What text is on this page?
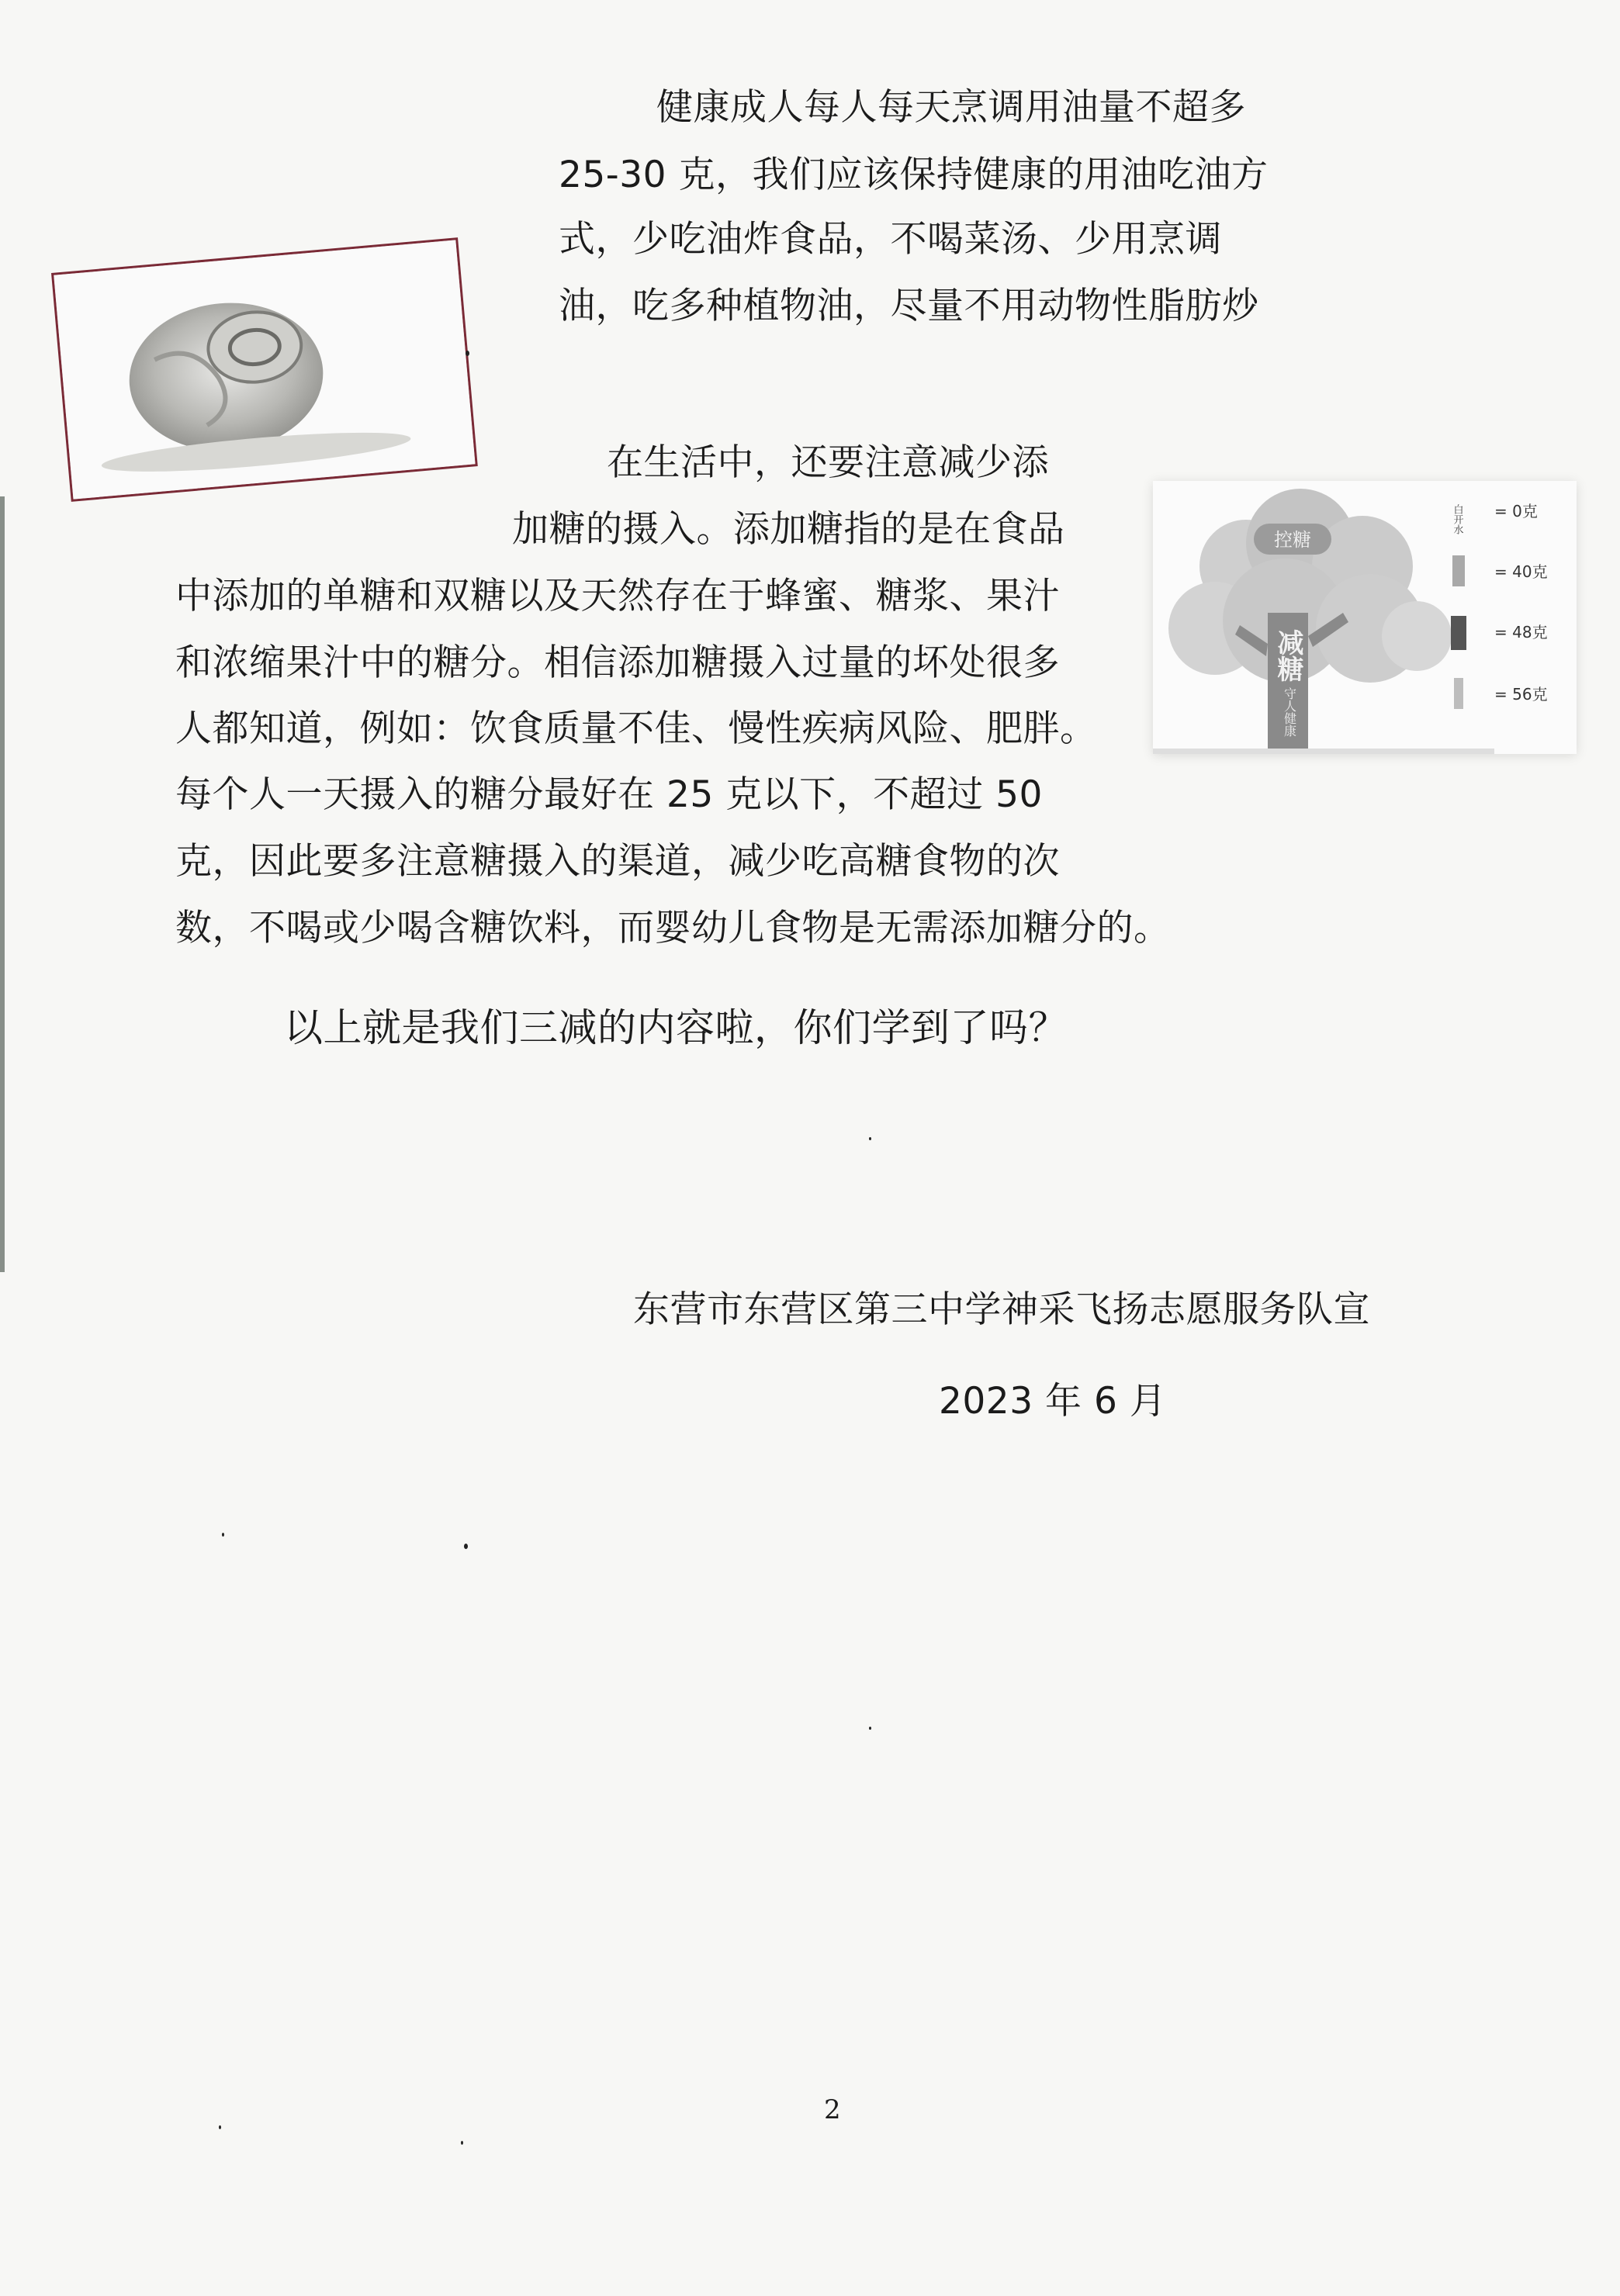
健康成人每人每天烹调用油量不超多
25-30 克，我们应该保持健康的用油吃油方
式，少吃油炸食品，不喝菜汤、少用烹调
油，吃多种植物油，尽量不用动物性脂肪炒
在生活中，还要注意减少添
加糖的摄入。添加糖指的是在食品
中添加的单糖和双糖以及天然存在于蜂蜜、糖浆、果汁
和浓缩果汁中的糖分。相信添加糖摄入过量的坏处很多
人都知道，例如：饮食质量不佳、慢性疾病风险、肥胖。
每个人一天摄入的糖分最好在 25 克以下，不超过 50
克，因此要多注意糖摄入的渠道，减少吃高糖食物的次
数，不喝或少喝含糖饮料，而婴幼儿食物是无需添加糖分的。
控糖
减糖
守人健康
白开水 = 0克
= 40克
= 48克
= 56克
以上就是我们三减的内容啦，你们学到了吗？
东营市东营区第三中学神采飞扬志愿服务队宣
2023 年 6 月
2
